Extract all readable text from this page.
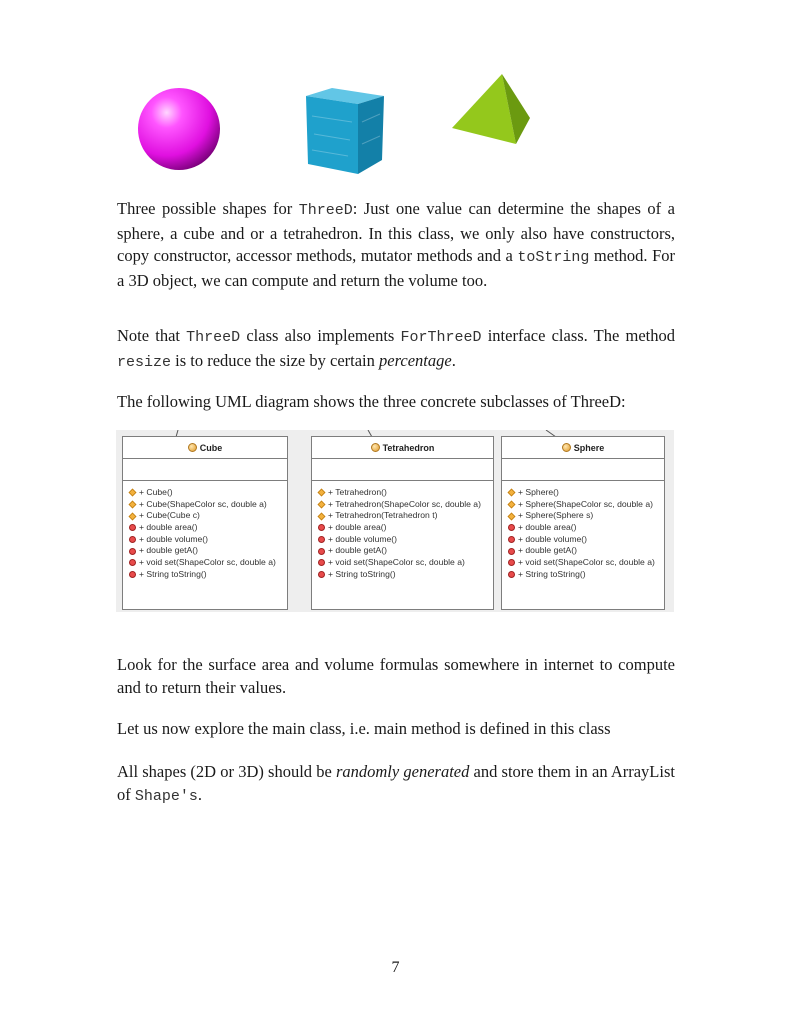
Three possible shapes for ThreeD: Just one value can determine the shapes of a sphere, a cube and or a tetrahedron. In this class, we only also have constructors, copy constructor, accessor methods, mutator methods and a toString method. For a 3D object, we can compute and return the volume too.

Note that ThreeD class also implements ForThreeD interface class. The method resize is to reduce the size by certain percentage.

The following UML diagram shows the three concrete subclasses of ThreeD:

Cube
+ Cube()
+ Cube(ShapeColor sc, double a)
+ Cube(Cube c)
+ double area()
+ double volume()
+ double getA()
+ void set(ShapeColor sc, double a)
+ String toString()
Tetrahedron
+ Tetrahedron()
+ Tetrahedron(ShapeColor sc, double a)
+ Tetrahedron(Tetrahedron t)
+ double area()
+ double volume()
+ double getA()
+ void set(ShapeColor sc, double a)
+ String toString()
Sphere
+ Sphere()
+ Sphere(ShapeColor sc, double a)
+ Sphere(Sphere s)
+ double area()
+ double volume()
+ double getA()
+ void set(ShapeColor sc, double a)
+ String toString()

Look for the surface area and volume formulas somewhere in internet to compute and to return their values.

Let us now explore the main class, i.e. main method is defined in this class

All shapes (2D or 3D) should be randomly generated and store them in an ArrayList of Shape's.

7
